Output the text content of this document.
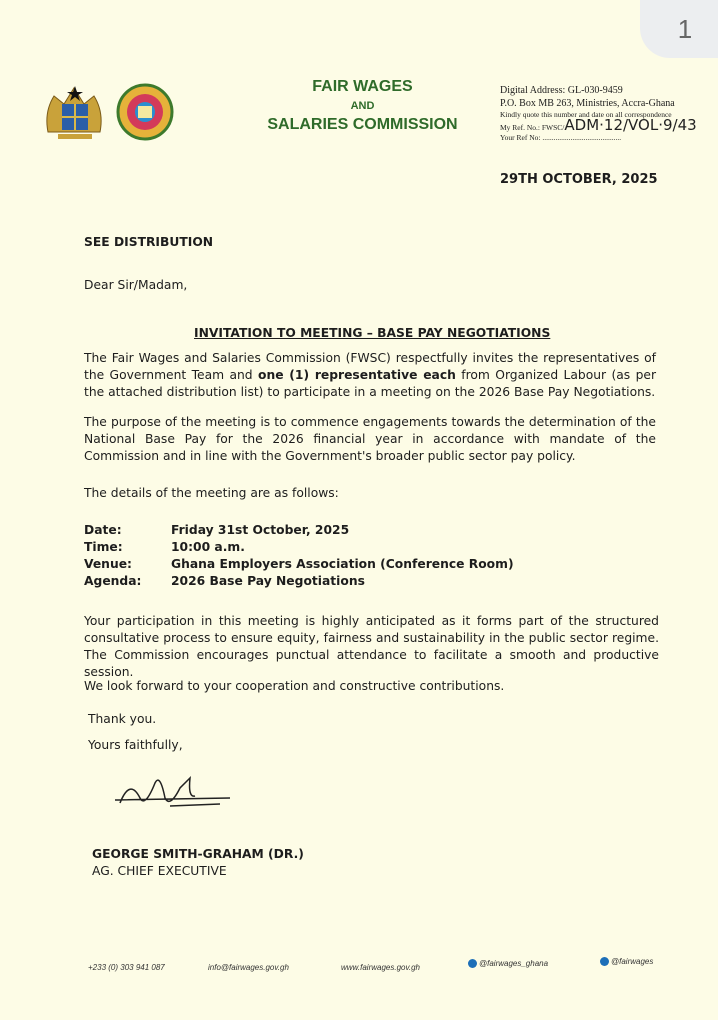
1
FAIR WAGES
AND
SALARIES COMMISSION
Digital Address: GL-030-9459
P.O. Box MB 263, Ministries, Accra-Ghana
Kindly quote this number and date on all correspondence
My Ref. No.: FWSC/ADM·12/VOL·9/43
Your Ref No: ..........................................
29TH OCTOBER, 2025
SEE DISTRIBUTION
Dear Sir/Madam,
INVITATION TO MEETING – BASE PAY NEGOTIATIONS
The Fair Wages and Salaries Commission (FWSC) respectfully invites the representatives of the Government Team and one (1) representative each from Organized Labour (as per the attached distribution list) to participate in a meeting on the 2026 Base Pay Negotiations.
The purpose of the meeting is to commence engagements towards the determination of the National Base Pay for the 2026 financial year in accordance with mandate of the Commission and in line with the Government's broader public sector pay policy.
The details of the meeting are as follows:
Date:	Friday 31st October, 2025
Time:	10:00 a.m.
Venue:	Ghana Employers Association (Conference Room)
Agenda:	2026 Base Pay Negotiations
Your participation in this meeting is highly anticipated as it forms part of the structured consultative process to ensure equity, fairness and sustainability in the public sector regime. The Commission encourages punctual attendance to facilitate a smooth and productive session.
We look forward to your cooperation and constructive contributions.
Thank you.
Yours faithfully,
GEORGE SMITH-GRAHAM (DR.)
AG. CHIEF EXECUTIVE
+233 (0) 303 941 087	info@fairwages.gov.gh	www.fairwages.gov.gh	@fairwages_ghana	@fairwages
